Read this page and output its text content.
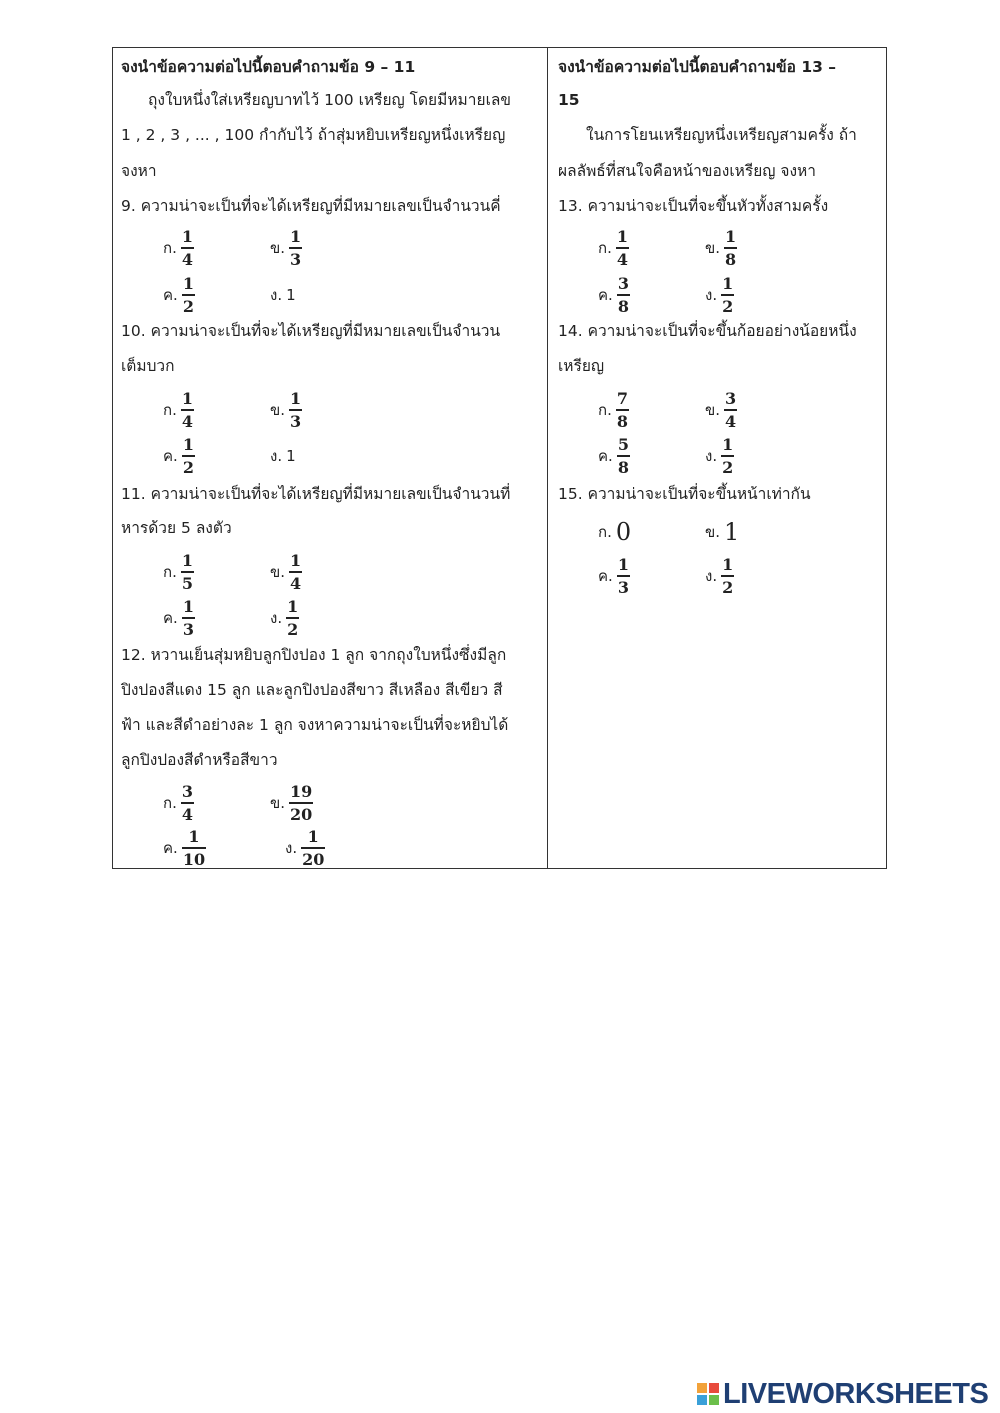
จงนำข้อความต่อไปนี้ตอบคำถามข้อ 9 – 11
ถุงใบหนึ่งใส่เหรียญบาทไว้ 100 เหรียญ โดยมีหมายเลข
1 , 2 , 3 , ... , 100 กำกับไว้ ถ้าสุ่มหยิบเหรียญหนึ่งเหรียญ
จงหา
9. ความน่าจะเป็นที่จะได้เหรียญที่มีหมายเลขเป็นจำนวนคี่
ก. $\frac{1}{4}$	ข. $\frac{1}{3}$
ค. $\frac{1}{2}$	ง. 1
10. ความน่าจะเป็นที่จะได้เหรียญที่มีหมายเลขเป็นจำนวน
เต็มบวก
ก. $\frac{1}{4}$	ข. $\frac{1}{3}$
ค. $\frac{1}{2}$	ง. 1
11. ความน่าจะเป็นที่จะได้เหรียญที่มีหมายเลขเป็นจำนวนที่
หารด้วย 5 ลงตัว
ก. $\frac{1}{5}$	ข. $\frac{1}{4}$
ค. $\frac{1}{3}$	ง. $\frac{1}{2}$
12. หวานเย็นสุ่มหยิบลูกปิงปอง 1 ลูก จากถุงใบหนึ่งซึ่งมีลูก
ปิงปองสีแดง 15 ลูก และลูกปิงปองสีขาว สีเหลือง สีเขียว สี
ฟ้า และสีดำอย่างละ 1 ลูก จงหาความน่าจะเป็นที่จะหยิบได้
ลูกปิงปองสีดำหรือสีขาว
ก. $\frac{3}{4}$	ข. $\frac{19}{20}$
ค. $\frac{1}{10}$	ง. $\frac{1}{20}$
จงนำข้อความต่อไปนี้ตอบคำถามข้อ 13 –
15
ในการโยนเหรียญหนึ่งเหรียญสามครั้ง ถ้า
ผลลัพธ์ที่สนใจคือหน้าของเหรียญ จงหา
13. ความน่าจะเป็นที่จะขึ้นหัวทั้งสามครั้ง
ก. $\frac{1}{4}$	ข. $\frac{1}{8}$
ค. $\frac{3}{8}$	ง. $\frac{1}{2}$
14. ความน่าจะเป็นที่จะขึ้นก้อยอย่างน้อยหนึ่ง
เหรียญ
ก. $\frac{7}{8}$	ข. $\frac{3}{4}$
ค. $\frac{5}{8}$	ง. $\frac{1}{2}$
15. ความน่าจะเป็นที่จะขึ้นหน้าเท่ากัน
ก. 0	ข. 1
ค. $\frac{1}{3}$	ง. $\frac{1}{2}$
LIVEWORKSHEETS
